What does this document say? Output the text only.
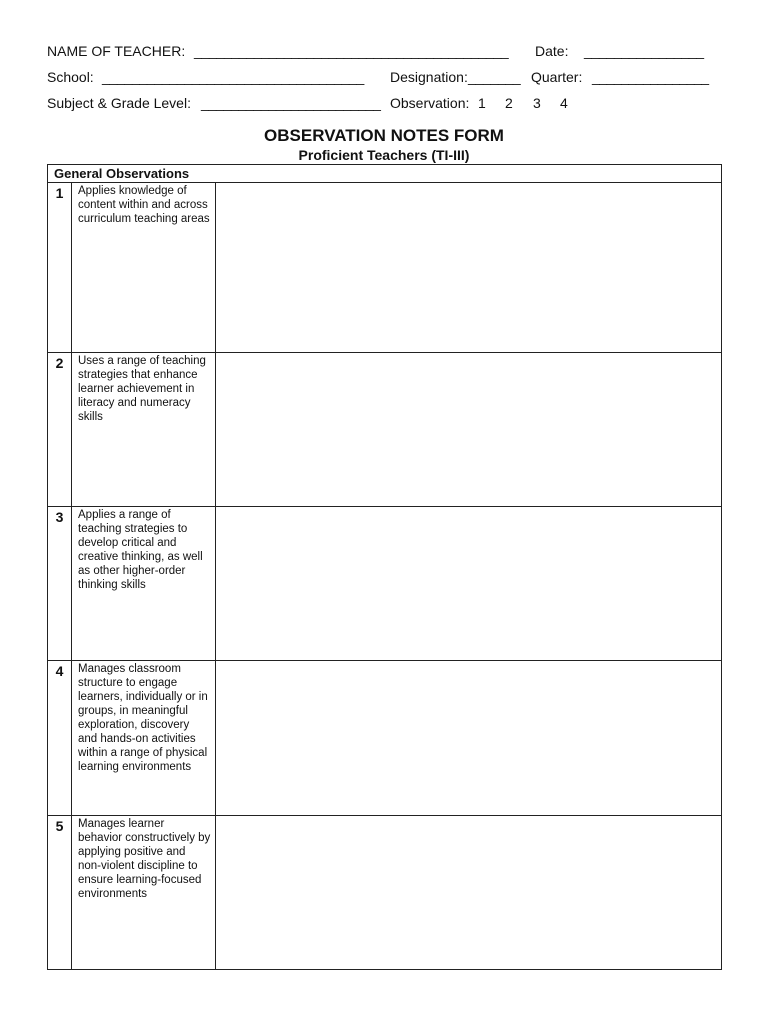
NAME OF TEACHER: __________________________________________ Date: ________________
School: ___________________________________ Designation: _______ Quarter: ________________
Subject & Grade Level: ________________________ Observation: 1 2 3 4
OBSERVATION NOTES FORM
Proficient Teachers (TI-III)
General Observations		
1	Applies knowledge of content within and across curriculum teaching areas	
2	Uses a range of teaching strategies that enhance learner achievement in literacy and numeracy skills	
3	Applies a range of teaching strategies to develop critical and creative thinking, as well as other higher-order thinking skills	
4	Manages classroom structure to engage learners, individually or in groups, in meaningful exploration, discovery and hands-on activities within a range of physical learning environments	
5	Manages learner behavior constructively by applying positive and non-violent discipline to ensure learning-focused environments	
